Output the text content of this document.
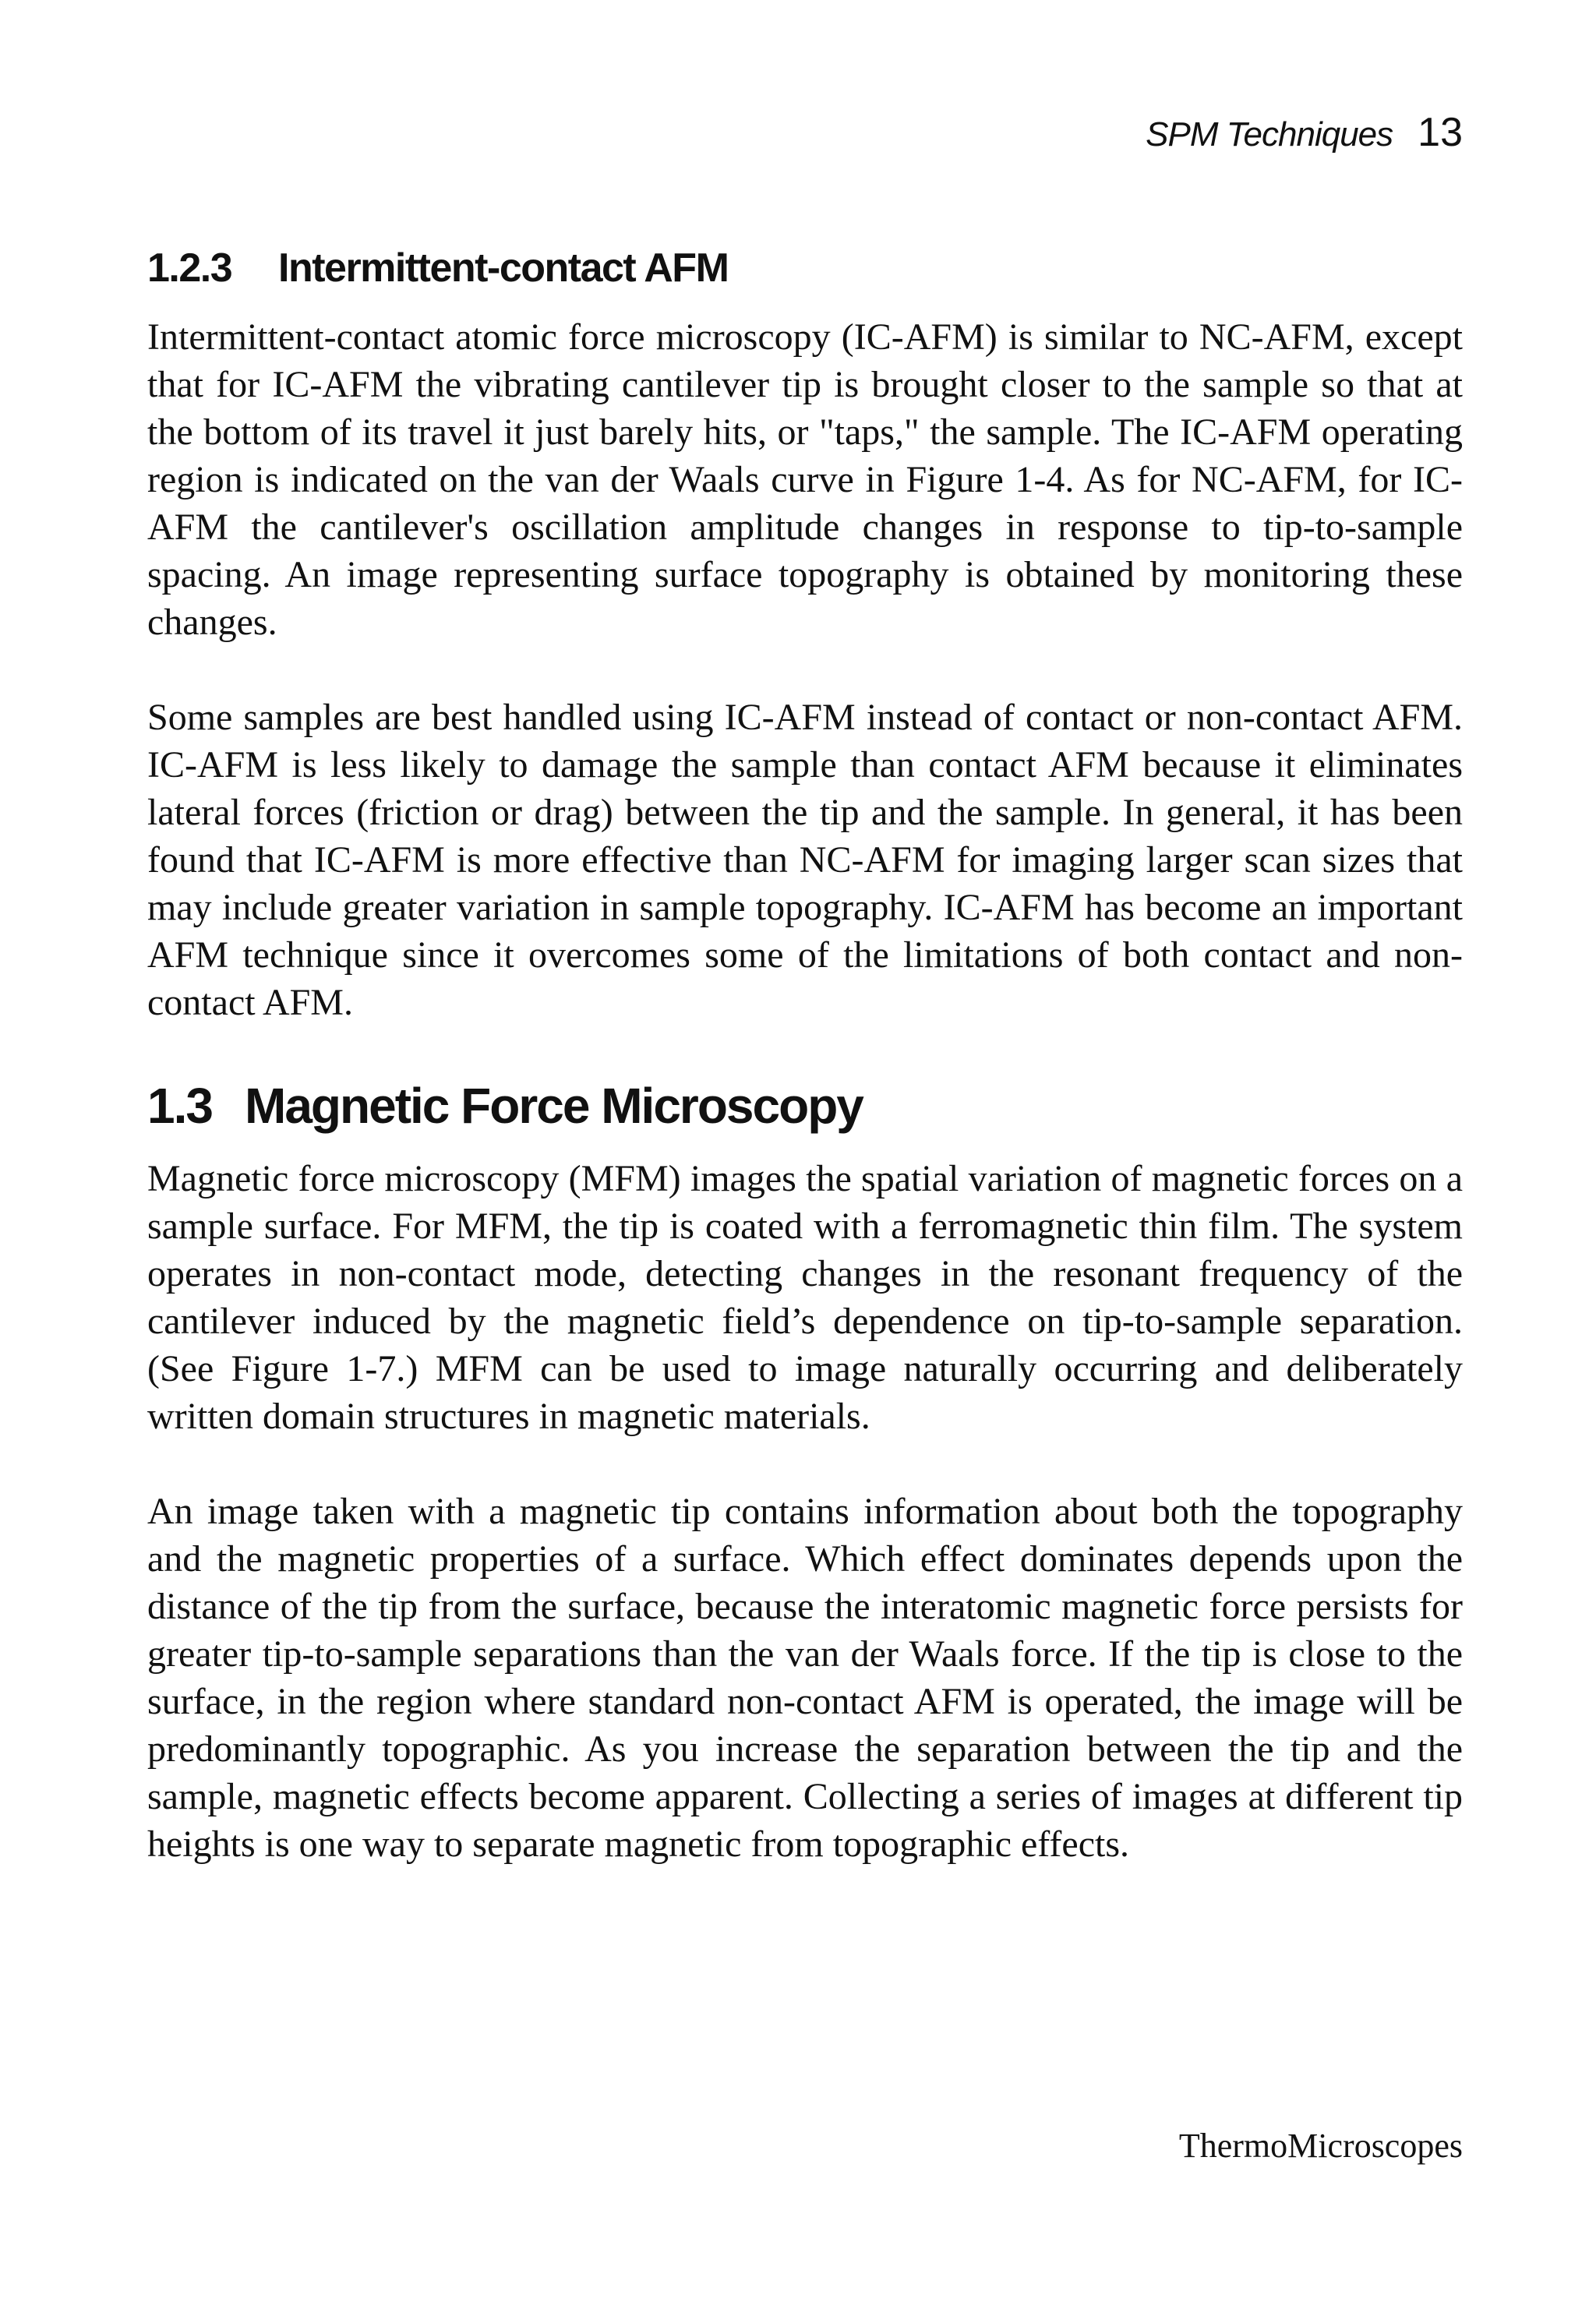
SPM Techniques 13
1.2.3 Intermittent-contact AFM

Intermittent-contact atomic force microscopy (IC-AFM) is similar to NC-AFM, except that for IC-AFM the vibrating cantilever tip is brought closer to the sample so that at the bottom of its travel it just barely hits, or "taps," the sample. The IC-AFM operating region is indicated on the van der Waals curve in Figure 1-4. As for NC-AFM, for IC-AFM the cantilever's oscillation amplitude changes in response to tip-to-sample spacing. An image representing surface topography is obtained by monitoring these changes.

Some samples are best handled using IC-AFM instead of contact or non-contact AFM. IC-AFM is less likely to damage the sample than contact AFM because it eliminates lateral forces (friction or drag) between the tip and the sample. In general, it has been found that IC-AFM is more effective than NC-AFM for imaging larger scan sizes that may include greater variation in sample topography. IC-AFM has become an important AFM technique since it overcomes some of the limitations of both contact and non-contact AFM.

1.3 Magnetic Force Microscopy

Magnetic force microscopy (MFM) images the spatial variation of magnetic forces on a sample surface. For MFM, the tip is coated with a ferromagnetic thin film. The system operates in non-contact mode, detecting changes in the resonant frequency of the cantilever induced by the magnetic field’s dependence on tip-to-sample separation. (See Figure 1-7.) MFM can be used to image naturally occurring and deliberately written domain structures in magnetic materials.

An image taken with a magnetic tip contains information about both the topography and the magnetic properties of a surface. Which effect dominates depends upon the distance of the tip from the surface, because the interatomic magnetic force persists for greater tip-to-sample separations than the van der Waals force. If the tip is close to the surface, in the region where standard non-contact AFM is operated, the image will be predominantly topographic. As you increase the separation between the tip and the sample, magnetic effects become apparent. Collecting a series of images at different tip heights is one way to separate magnetic from topographic effects.

ThermoMicroscopes
